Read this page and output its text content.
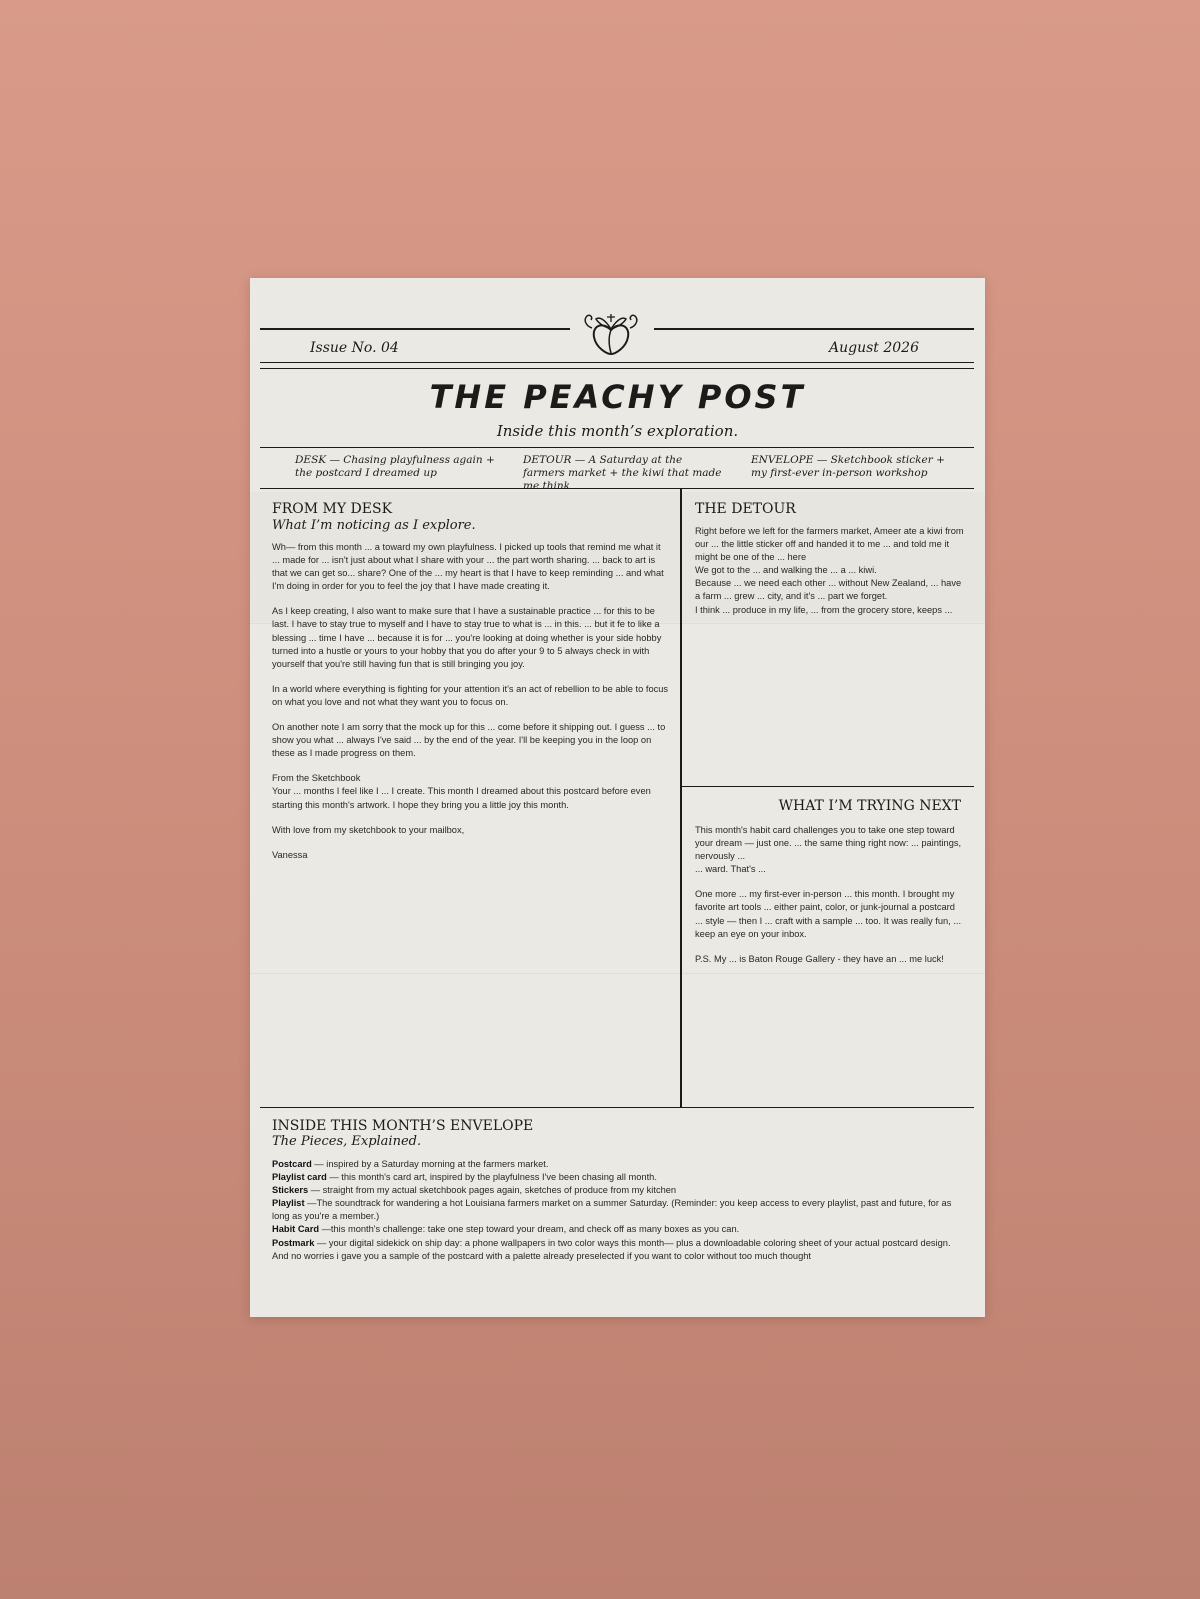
Issue No. 04	August 2026
THE PEACHY POST
Inside this month’s exploration.
DESK — Chasing playfulness again + the postcard I dreamed up
DETOUR — A Saturday at the farmers market + the kiwi that made me think
ENVELOPE — Sketchbook sticker + my first-ever in-person workshop
FROM MY DESK
What I’m noticing as I explore.

Wh— from this month ... a toward my own playfulness. I picked up tools that remind me what it ... made for ... isn't just about what I share with your ... the part worth sharing. ... back to art is that we can get so... share? One of the ... my heart is that I have to keep reminding ... and what I'm doing in order for you to feel the joy that I have made creating it.

As I keep creating, I also want to make sure that I have a sustainable practice ... for this to be last. I have to stay true to myself and I have to stay true to what is ... in this. ... but it fe to like a blessing ... time I have ... because it is for ... you're looking at doing whether is your side hobby turned into a hustle or yours to your hobby that you do after your 9 to 5 always check in with yourself that you're still having fun that is still bringing you joy.

In a world where everything is fighting for your attention it's an act of rebellion to be able to focus on what you love and not what they want you to focus on.

On another note I am sorry that the mock up for this ... come before it shipping out. I guess ... to show you what ... always I've said ... by the end of the year. I'll be keeping you in the loop on these as I made progress on them.

From the Sketchbook
Your ... months I feel like I ... I create. This month I dreamed about this postcard before even starting this month's artwork. I hope they bring you a little joy this month.

With love from my sketchbook to your mailbox,

Vanessa

THE DETOUR
Right before we left for the farmers market, Ameer ate a kiwi from our ... the little sticker off and handed it to me ... and told me it might be one of the ... here
We got to the ... and walking the ... a ... kiwi.
Because ... we need each other ... without New Zealand, ... have a farm ... grew ... city, and it's ... part we forget.
I think ... produce in my life, ... from the grocery store, keeps ...
WHAT I’M TRYING NEXT

This month's habit card challenges you to take one step toward your dream — just one. ... the same thing right now: ... paintings, nervously ...
... ward. That's ...

One more ... my first-ever in-person ... this month. I brought my favorite art tools ... either paint, color, or junk-journal a postcard ... style — then I ... craft with a sample ... too. It was really fun, ... keep an eye on your inbox.

P.S. My ... is Baton Rouge Gallery - they have an ... me luck!

INSIDE THIS MONTH’S ENVELOPE
The Pieces, Explained.

Postcard — inspired by a Saturday morning at the farmers market.

Playlist card — this month's card art, inspired by the playfulness I've been chasing all month.

Stickers — straight from my actual sketchbook pages again, sketches of produce from my kitchen

Playlist —The soundtrack for wandering a hot Louisiana farmers market on a summer Saturday. (Reminder: you keep access to every playlist, past and future, for as long as you're a member.)

Habit Card —this month's challenge: take one step toward your dream, and check off as many boxes as you can.

Postmark — your digital sidekick on ship day: a phone wallpapers in two color ways this month— plus a downloadable coloring sheet of your actual postcard design. And no worries i gave you a sample of the postcard with a palette already preselected if you want to color without too much thought
